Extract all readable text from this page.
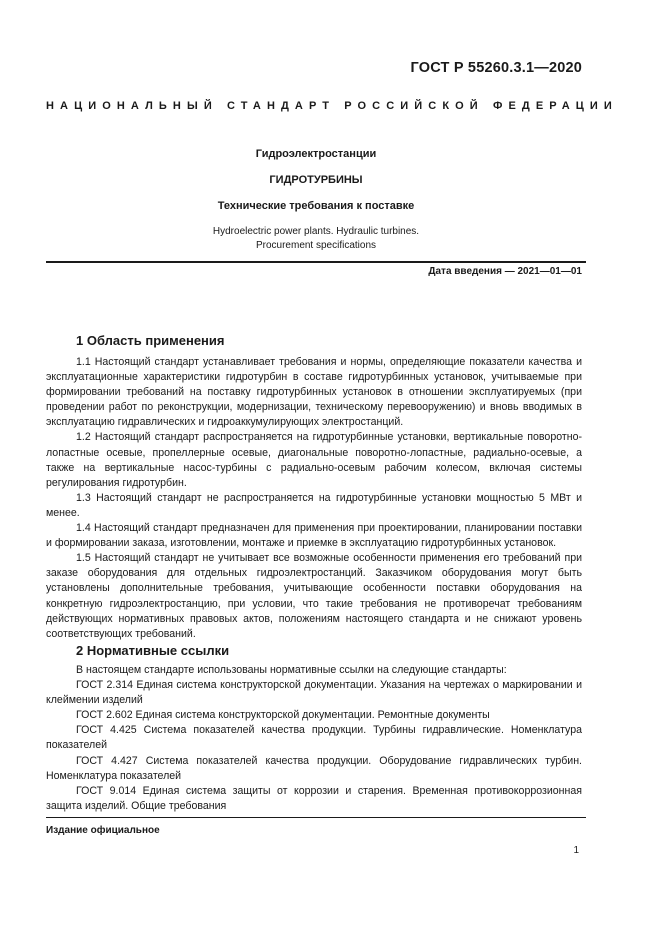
ГОСТ Р 55260.3.1—2020
НАЦИОНАЛЬНЫЙ СТАНДАРТ РОССИЙСКОЙ ФЕДЕРАЦИИ
Гидроэлектростанции
ГИДРОТУРБИНЫ
Технические требования к поставке
Hydroelectric power plants. Hydraulic turbines.
Procurement specifications
Дата введения — 2021—01—01
1 Область применения

1.1 Настоящий стандарт устанавливает требования и нормы, определяющие показатели качества и эксплуатационные характеристики гидротурбин в составе гидротурбинных установок, учитываемые при формировании требований на поставку гидротурбинных установок в отношении эксплуатируемых (при проведении работ по реконструкции, модернизации, техническому перевооружению) и вновь вводимых в эксплуатацию гидравлических и гидроаккумулирующих электростанций.

1.2 Настоящий стандарт распространяется на гидротурбинные установки, вертикальные поворотно-лопастные осевые, пропеллерные осевые, диагональные поворотно-лопастные, радиально-осевые, а также на вертикальные насос-турбины с радиально-осевым рабочим колесом, включая системы регулирования гидротурбин.

1.3 Настоящий стандарт не распространяется на гидротурбинные установки мощностью 5 МВт и менее.

1.4 Настоящий стандарт предназначен для применения при проектировании, планировании поставки и формировании заказа, изготовлении, монтаже и приемке в эксплуатацию гидротурбинных установок.

1.5 Настоящий стандарт не учитывает все возможные особенности применения его требований при заказе оборудования для отдельных гидроэлектростанций. Заказчиком оборудования могут быть установлены дополнительные требования, учитывающие особенности поставки оборудования на конкретную гидроэлектростанцию, при условии, что такие требования не противоречат требованиям действующих нормативных правовых актов, положениям настоящего стандарта и не снижают уровень соответствующих требований.

2 Нормативные ссылки

В настоящем стандарте использованы нормативные ссылки на следующие стандарты:

ГОСТ 2.314 Единая система конструкторской документации. Указания на чертежах о маркировании и клеймении изделий

ГОСТ 2.602 Единая система конструкторской документации. Ремонтные документы

ГОСТ 4.425 Система показателей качества продукции. Турбины гидравлические. Номенклатура показателей

ГОСТ 4.427 Система показателей качества продукции. Оборудование гидравлических турбин. Номенклатура показателей

ГОСТ 9.014 Единая система защиты от коррозии и старения. Временная противокоррозионная защита изделий. Общие требования

Издание официальное
1
